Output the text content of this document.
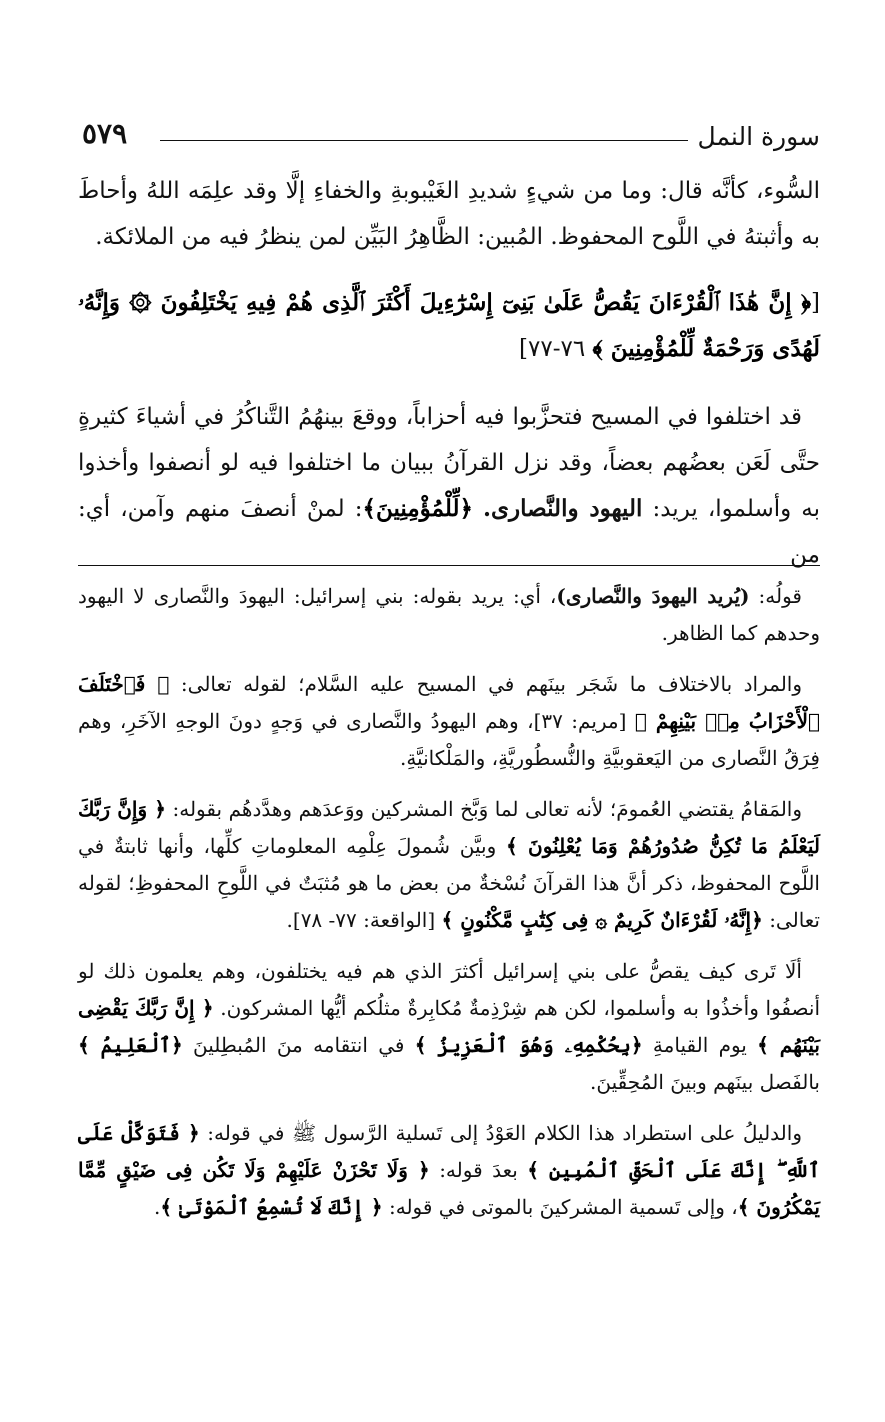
سورة النمل
٥٧٩

السُّوء، كأنَّه قال: وما من شيءٍ شديدِ الغَيْبوبةِ والخفاءِ إلَّا وقد علِمَه اللهُ وأحاطَ به وأثبتهُ في اللَّوح المحفوظ. المُبين: الظَّاهِرُ البَيِّن لمن ينظرُ فيه من الملائكة.

[﴿ إِنَّ هَٰذَا ٱلْقُرْءَانَ يَقُصُّ عَلَىٰ بَنِىٓ إِسْرَٰٓءِيلَ أَكْثَرَ ٱلَّذِى هُمْ فِيهِ يَخْتَلِفُونَ ۞ وَإِنَّهُۥ لَهُدًى وَرَحْمَةٌ لِّلْمُؤْمِنِينَ ﴾ ٧٦-٧٧]

قد اختلفوا في المسيح فتحزَّبوا فيه أحزاباً، ووقعَ بينهُمُ التَّناكُرُ في أشياءَ كثيرةٍ حتَّى لَعَن بعضُهم بعضاً، وقد نزل القرآنُ ببيان ما اختلفوا فيه لو أنصفوا وأخذوا به وأسلموا، يريد: اليهود والنَّصارى. ﴿لِّلْمُؤْمِنِينَ﴾: لمنْ أنصفَ منهم وآمن، أي: من

قولُه: (يُريد اليهودَ والنَّصارى)، أي: يريد بقوله: بني إسرائيل: اليهودَ والنَّصارى لا اليهود وحدهم كما الظاهر.

والمراد بالاختلاف ما شَجَر بينَهم في المسيح عليه السَّلام؛ لقوله تعالى: ﴿ فَٱخْتَلَفَ ٱلْأَحْزَابُ مِنۢ بَيْنِهِمْ ﴾ [مريم: ٣٧]، وهم اليهودُ والنَّصارى في وَجهٍ دونَ الوجهِ الآخَرِ، وهم فِرَقُ النَّصارى من اليَعقوبيَّةِ والنُّسطُوريَّةِ، والمَلْكانيَّةِ.

والمَقامُ يقتضي العُمومَ؛ لأنه تعالى لما وَبَّخ المشركين ووَعدَهم وهدَّدهُم بقوله: ﴿ وَإِنَّ رَبَّكَ لَيَعْلَمُ مَا تُكِنُّ صُدُورُهُمْ وَمَا يُعْلِنُونَ ﴾ وبيَّن شُمولَ عِلْمِه المعلوماتِ كلِّها، وأنها ثابتةٌ في اللَّوح المحفوظ، ذكر أنَّ هذا القرآنَ نُسْخةٌ من بعض ما هو مُثبَتٌ في اللَّوحِ المحفوظِ؛ لقوله تعالى: ﴿إِنَّهُۥ لَقُرْءَانٌ كَرِيمٌ ۞ فِى كِتَٰبٍ مَّكْنُونٍ ﴾ [الواقعة: ٧٧- ٧٨].

ألَا تَرى كيف يقصُّ على بني إسرائيل أكثرَ الذي هم فيه يختلفون، وهم يعلمون ذلك لو أنصفُوا وأخذُوا به وأسلموا، لكن هم شِرْذِمةٌ مُكابِرةٌ مثلُكم أيُّها المشركون. ﴿ إِنَّ رَبَّكَ يَقْضِى بَيْنَهُم ﴾ يوم القيامةِ ﴿بِحُكْمِهِۦ وَهُوَ ٱلْعَزِيزُ ﴾ في انتقامه منَ المُبطِلينَ ﴿ٱلْعَلِيمُ ﴾ بالفَصل بينَهم وبينَ المُحِقِّينَ.

والدليلُ على استطراد هذا الكلام العَوْدُ إلى تَسلية الرَّسول ﷺ في قوله: ﴿ فَتَوَكَّلْ عَلَى ٱللَّهِ ۖ إِنَّكَ عَلَى ٱلْحَقِّ ٱلْمُبِينِ ﴾ بعدَ قوله: ﴿ وَلَا تَحْزَنْ عَلَيْهِمْ وَلَا تَكُن فِى ضَيْقٍ مِّمَّا يَمْكُرُونَ ﴾، وإلى تَسمية المشركينَ بالموتى في قوله: ﴿ إِنَّكَ لَا تُسْمِعُ ٱلْمَوْتَىٰ ﴾.
